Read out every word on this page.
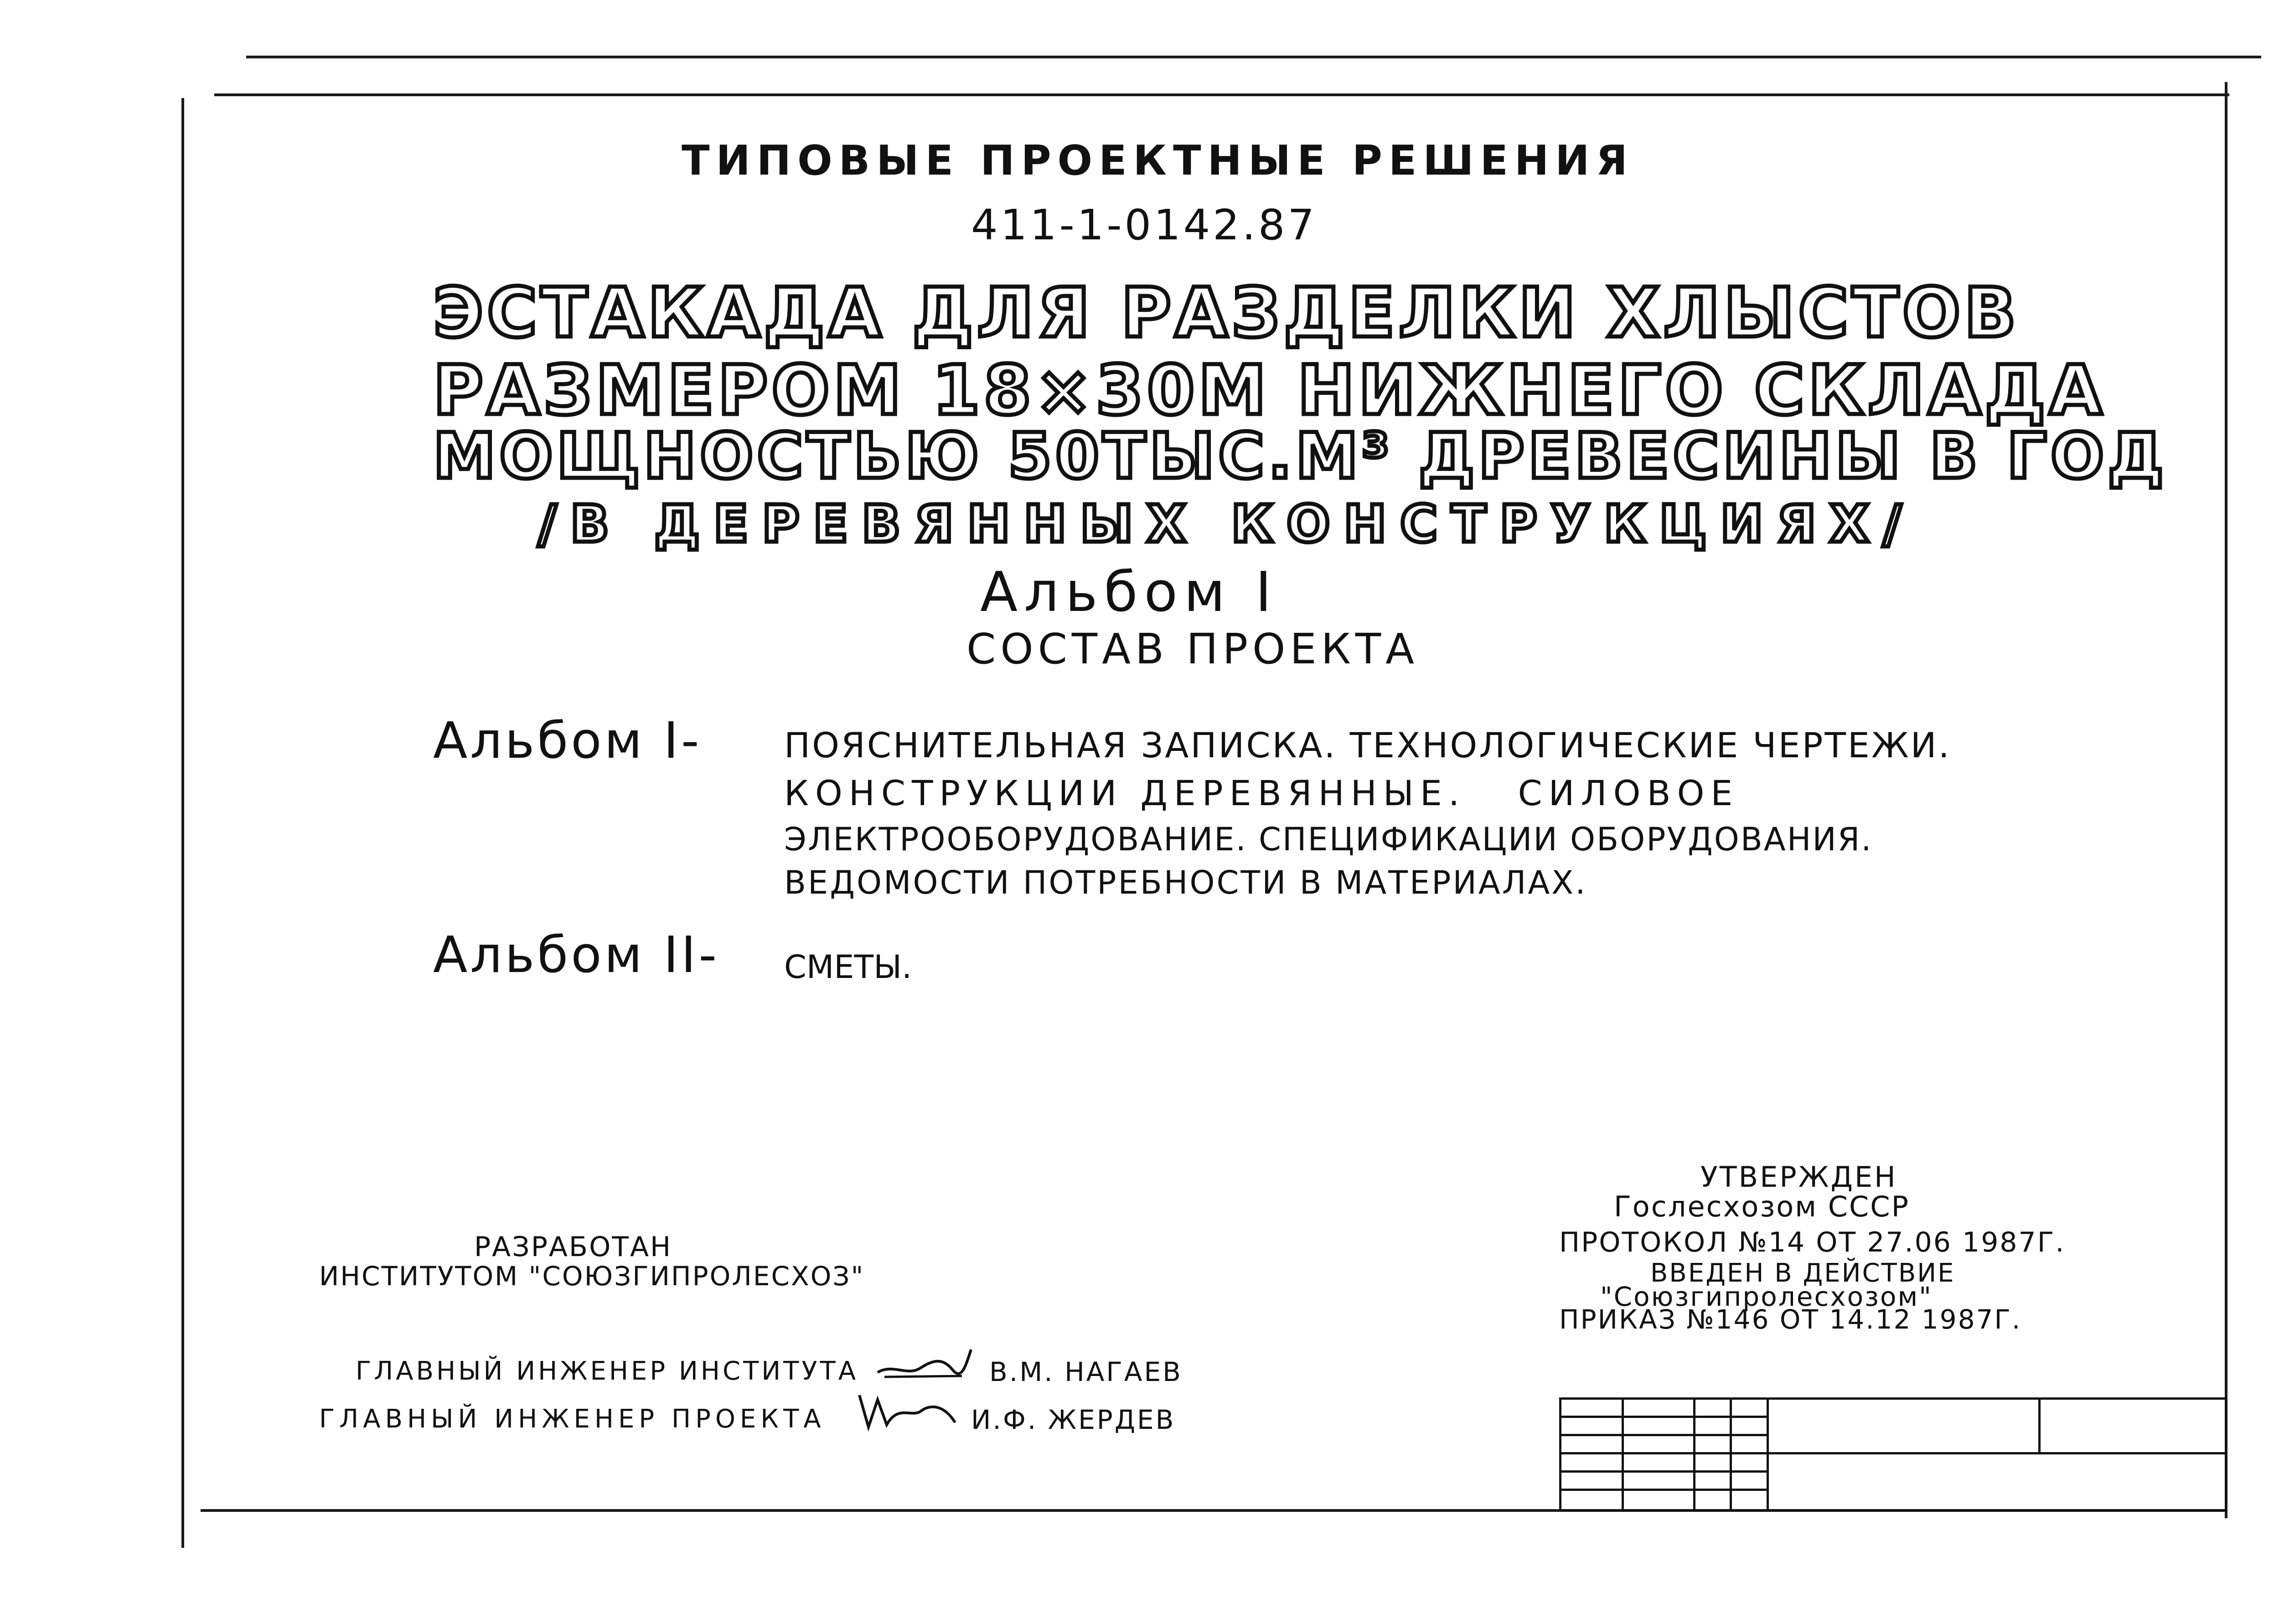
ТИПОВЫЕ ПРОЕКТНЫЕ РЕШЕНИЯ
411-1-0142.87
ЭСТАКАДА ДЛЯ РАЗДЕЛКИ ХЛЫСТОВ
РАЗМЕРОМ 18×30М НИЖНЕГО СКЛАДА
МОЩНОСТЬЮ 50ТЫС.М³ ДРЕВЕСИНЫ В ГОД
/В ДЕРЕВЯННЫХ КОНСТРУКЦИЯХ/
Альбом I
СОСТАВ ПРОЕКТА
Альбом I- ПОЯСНИТЕЛЬНАЯ ЗАПИСКА. ТЕХНОЛОГИЧЕСКИЕ ЧЕРТЕЖИ.
КОНСТРУКЦИИ ДЕРЕВЯННЫЕ.   СИЛОВОЕ
ЭЛЕКТРООБОРУДОВАНИЕ. СПЕЦИФИКАЦИИ ОБОРУДОВАНИЯ.
ВЕДОМОСТИ ПОТРЕБНОСТИ В МАТЕРИАЛАХ.
Альбом II- СМЕТЫ.
УТВЕРЖДЕН
Гослесхозом СССР
ПРОТОКОЛ №14 ОТ 27.06 1987Г.
ВВЕДЕН В ДЕЙСТВИЕ
"Союзгипролесхозом"
ПРИКАЗ №146 ОТ 14.12 1987Г.
РАЗРАБОТАН
ИНСТИТУТОМ "СОЮЗГИПРОЛЕСХОЗ"
ГЛАВНЫЙ ИНЖЕНЕР ИНСТИТУТА	В.М. НАГАЕВ
ГЛАВНЫЙ ИНЖЕНЕР ПРОЕКТА	И.Ф. ЖЕРДЕВ
